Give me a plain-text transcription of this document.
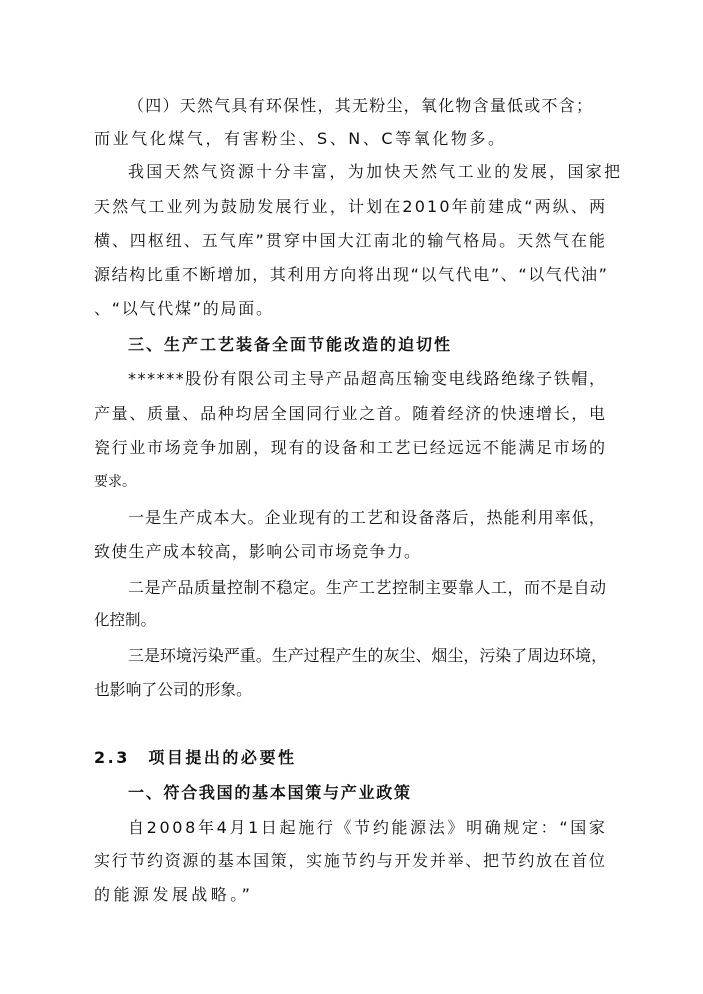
（四）天然气具有环保性，其无粉尘，氧化物含量低或不含；
而业气化煤气，有害粉尘、S、N、C等氧化物多。
我国天然气资源十分丰富，为加快天然气工业的发展，国家把
天然气工业列为鼓励发展行业，计划在2010年前建成“两纵、两
横、四枢纽、五气库”贯穿中国大江南北的输气格局。天然气在能
源结构比重不断增加，其利用方向将出现“以气代电”、“以气代油”
、“以气代煤”的局面。
三、生产工艺装备全面节能改造的迫切性
******股份有限公司主导产品超高压输变电线路绝缘子铁帽，
产量、质量、品种均居全国同行业之首。随着经济的快速增长，电
瓷行业市场竞争加剧，现有的设备和工艺已经远远不能满足市场的
要求。
一是生产成本大。企业现有的工艺和设备落后，热能利用率低，
致使生产成本较高，影响公司市场竞争力。
二是产品质量控制不稳定。生产工艺控制主要靠人工，而不是自动
化控制。
三是环境污染严重。生产过程产生的灰尘、烟尘，污染了周边环境，
也影响了公司的形象。
2.3　项目提出的必要性
一、符合我国的基本国策与产业政策
自2008年4月1日起施行《节约能源法》明确规定：“国家
实行节约资源的基本国策，实施节约与开发并举、把节约放在首位
的能源发展战略。”
